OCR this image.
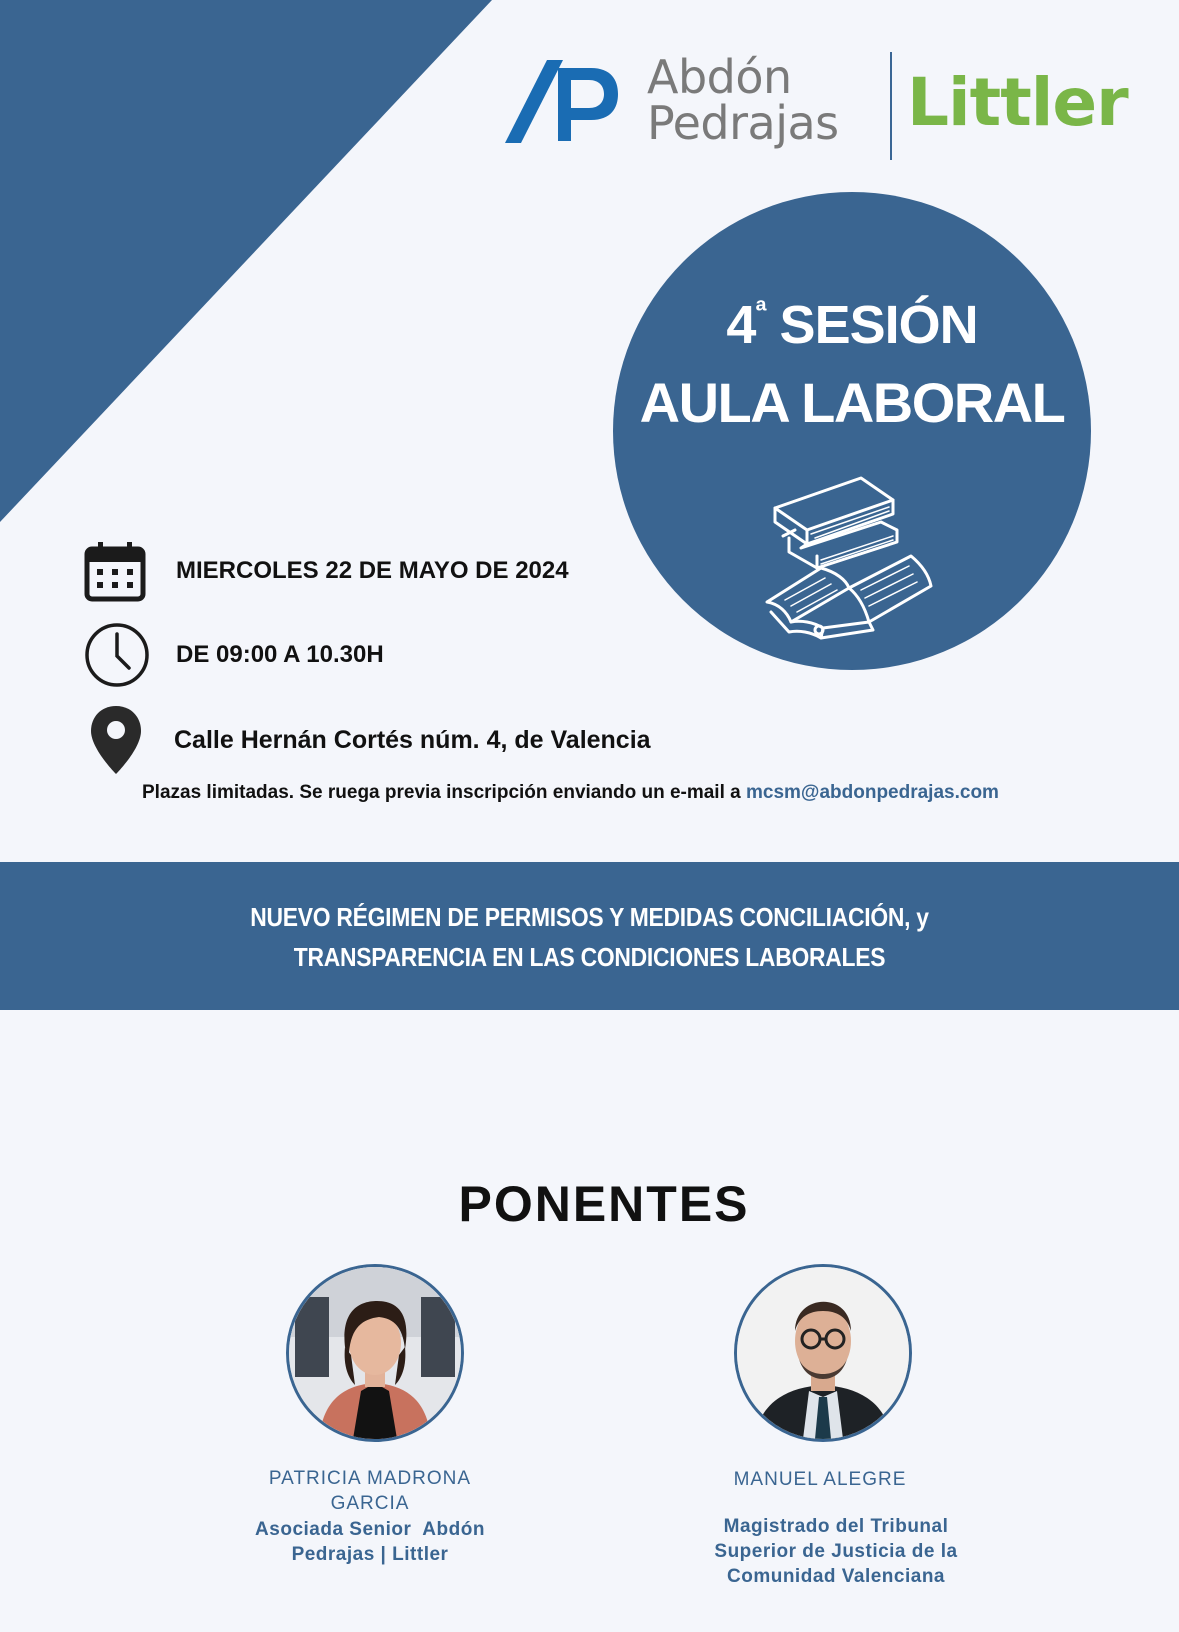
Abdón
Pedrajas Littler
$4^ª$ SESIÓN
AULA LABORAL
MIERCOLES 22 DE MAYO DE 2024
DE 09:00 A 10.30H
Calle Hernán Cortés núm. 4, de Valencia
Plazas limitadas. Se ruega previa inscripción enviando un e-mail a mcsm@abdonpedrajas.com
NUEVO RÉGIMEN DE PERMISOS Y MEDIDAS CONCILIACIÓN, y
TRANSPARENCIA EN LAS CONDICIONES LABORALES
PONENTES
PATRICIA MADRONA
GARCIA
Asociada Senior  Abdón
Pedrajas | Littler
MANUEL ALEGRE
Magistrado del Tribunal
Superior de Justicia de la
Comunidad Valenciana
